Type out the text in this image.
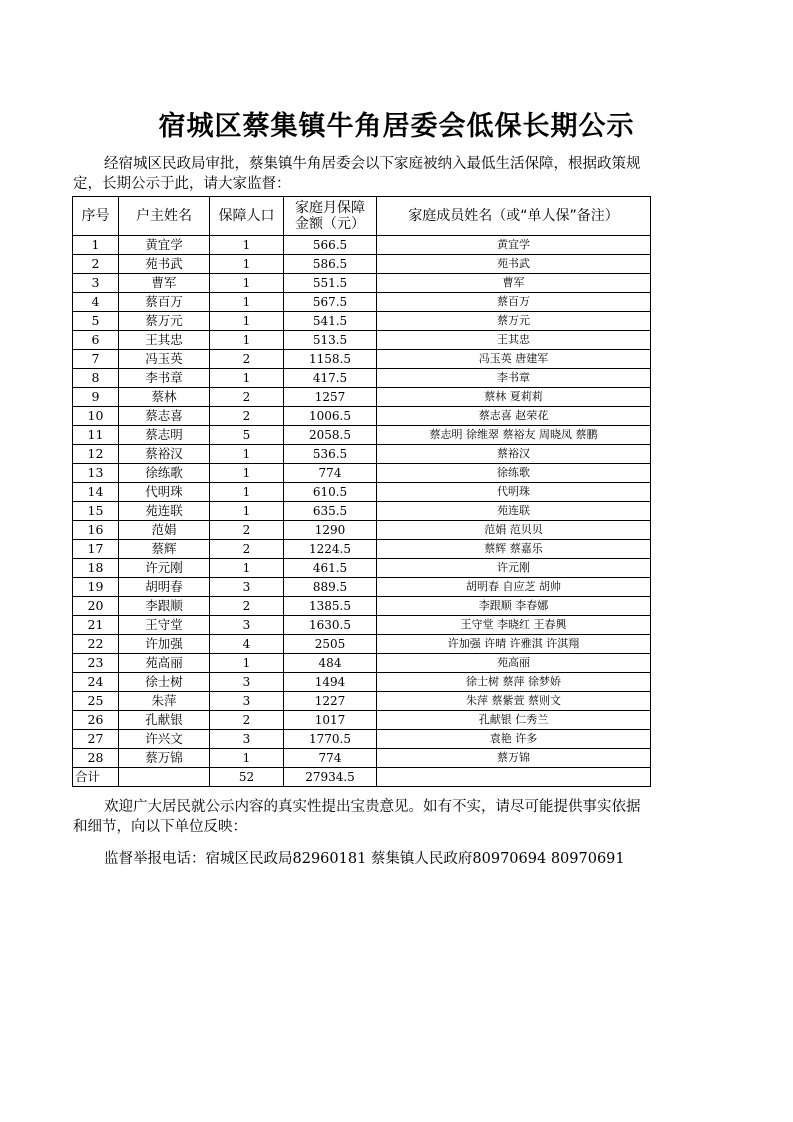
宿城区蔡集镇牛角居委会低保长期公示
经宿城区民政局审批，蔡集镇牛角居委会以下家庭被纳入最低生活保障，根据政策规定，长期公示于此，请大家监督：
序号	户主姓名	保障人口	家庭月保障
金额（元）	家庭成员姓名（或“单人保”备注）
1	黄宜学	1	566.5	黄宜学
2	苑书武	1	586.5	苑书武
3	曹军	1	551.5	曹军
4	蔡百万	1	567.5	蔡百万
5	蔡万元	1	541.5	蔡万元
6	王其忠	1	513.5	王其忠
7	冯玉英	2	1158.5	冯玉英 唐建军
8	李书章	1	417.5	李书章
9	蔡林	2	1257	蔡林 夏莉莉
10	蔡志喜	2	1006.5	蔡志喜 赵荣花
11	蔡志明	5	2058.5	蔡志明 徐维翠 蔡裕友 周晓凤 蔡鹏
12	蔡裕汉	1	536.5	蔡裕汉
13	徐练歌	1	774	徐练歌
14	代明珠	1	610.5	代明珠
15	苑连联	1	635.5	苑连联
16	范娟	2	1290	范娟 范贝贝
17	蔡辉	2	1224.5	蔡辉 蔡嘉乐
18	许元刚	1	461.5	许元刚
19	胡明春	3	889.5	胡明春 自应芝 胡帅
20	李跟顺	2	1385.5	李跟顺 李春娜
21	王守堂	3	1630.5	王守堂 李晓红 王春興
22	许加强	4	2505	许加强 许晴 许雅淇 许淇翔
23	苑高丽	1	484	苑高丽
24	徐士树	3	1494	徐士树 蔡萍 徐梦娇
25	朱萍	3	1227	朱萍 蔡紫萱 蔡则文
26	孔献银	2	1017	孔献银 仁秀兰
27	许兴文	3	1770.5	袁艳 许多
28	蔡万锦	1	774	蔡万锦
合计		52	27934.5	
欢迎广大居民就公示内容的真实性提出宝贵意见。如有不实，请尽可能提供事实依据和细节，向以下单位反映：
监督举报电话：宿城区民政局82960181 蔡集镇人民政府80970694 80970691
